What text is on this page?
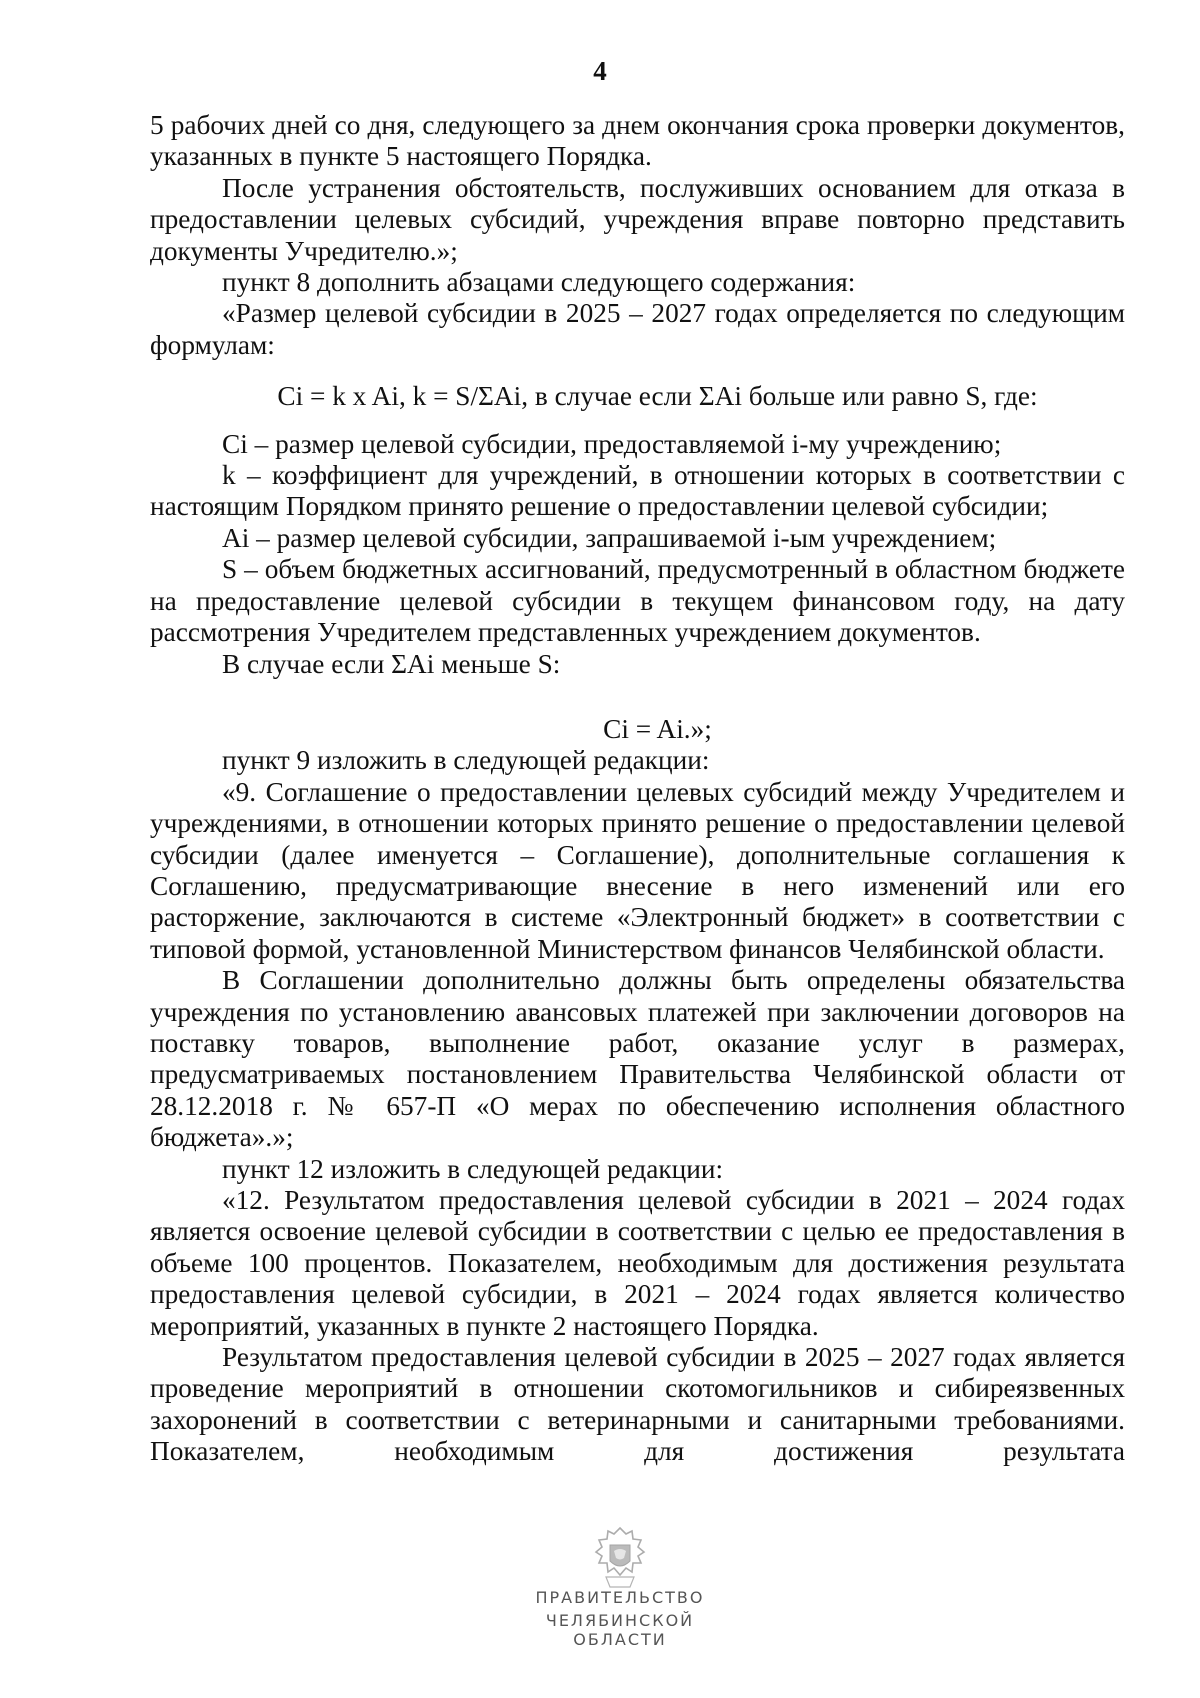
4

5 рабочих дней со дня, следующего за днем окончания срока проверки документов, указанных в пункте 5 настоящего Порядка.

После устранения обстоятельств, послуживших основанием для отказа в предоставлении целевых субсидий, учреждения вправе повторно представить документы Учредителю.»;

пункт 8 дополнить абзацами следующего содержания:

«Размер целевой субсидии в 2025 – 2027 годах определяется по следующим формулам:

Ci = k x Ai, k = S/ΣAi, в случае если ΣAi больше или равно S, где:

Ci – размер целевой субсидии, предоставляемой i-му учреждению;

k – коэффициент для учреждений, в отношении которых в соответствии с настоящим Порядком принято решение о предоставлении целевой субсидии;

Ai – размер целевой субсидии, запрашиваемой i-ым учреждением;

S – объем бюджетных ассигнований, предусмотренный в областном бюджете на предоставление целевой субсидии в текущем финансовом году, на дату рассмотрения Учредителем представленных учреждением документов.

В случае если ΣAi меньше S:

Ci = Ai.»;

пункт 9 изложить в следующей редакции:

«9. Соглашение о предоставлении целевых субсидий между Учредителем и учреждениями, в отношении которых принято решение о предоставлении целевой субсидии (далее именуется – Соглашение), дополнительные соглашения к Соглашению, предусматривающие внесение в него изменений или его расторжение, заключаются в системе «Электронный бюджет» в соответствии с типовой формой, установленной Министерством финансов Челябинской области.

В Соглашении дополнительно должны быть определены обязательства учреждения по установлению авансовых платежей при заключении договоров на поставку товаров, выполнение работ, оказание услуг в размерах, предусматриваемых постановлением Правительства Челябинской области от 28.12.2018 г. № 657-П «О мерах по обеспечению исполнения областного бюджета».»;

пункт 12 изложить в следующей редакции:

«12. Результатом предоставления целевой субсидии в 2021 – 2024 годах является освоение целевой субсидии в соответствии с целью ее предоставления в объеме 100 процентов. Показателем, необходимым для достижения результата предоставления целевой субсидии, в 2021 – 2024 годах является количество мероприятий, указанных в пункте 2 настоящего Порядка.

Результатом предоставления целевой субсидии в 2025 – 2027 годах является проведение мероприятий в отношении скотомогильников и сибиреязвенных захоронений в соответствии с ветеринарными и санитарными требованиями. Показателем, необходимым для достижения результата

ПРАВИТЕЛЬСТВО
ЧЕЛЯБИНСКОЙ ОБЛАСТИ
